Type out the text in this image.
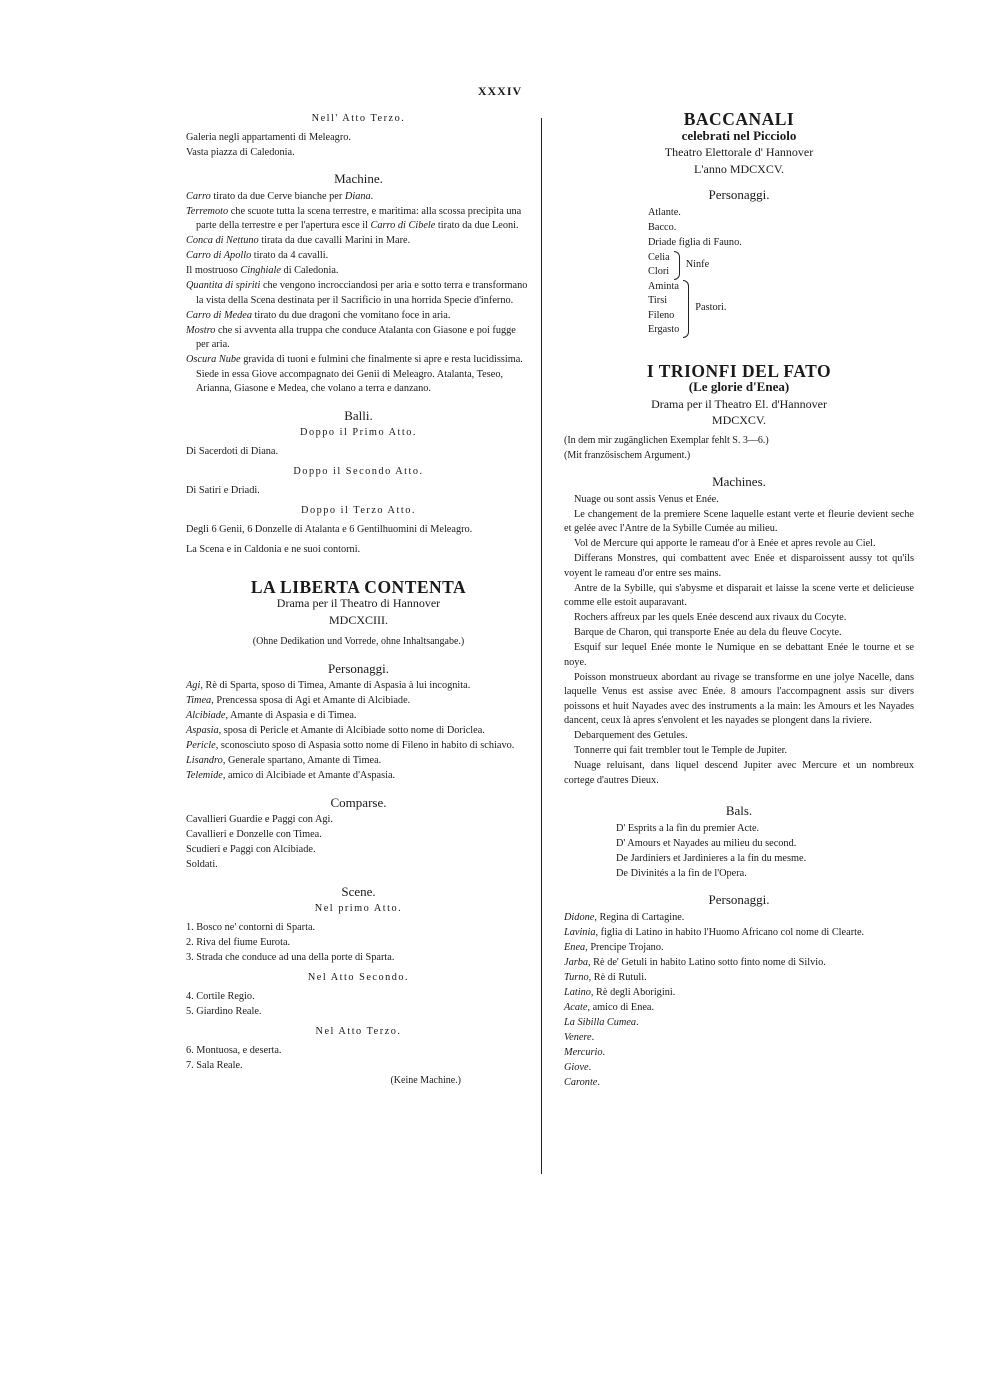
XXXIV

Nell' Atto Terzo.

Galeria negli appartamenti di Meleagro.

Vasta piazza di Caledonia.

Machine.

Carro tirato da due Cerve bianche per Diana.

Terremoto che scuote tutta la scena terrestre, e maritima: alla scossa precipita una parte della terrestre e per l'apertura esce il Carro di Cibele tirato da due Leoni.

Conca di Nettuno tirata da due cavalli Marini in Mare.

Carro di Apollo tirato da 4 cavalli.

Il mostruoso Cinghiale di Caledonia.

Quantita di spiriti che vengono incrocciandosi per aria e sotto terra e transformano la vista della Scena destinata per il Sacrificio in una horrida Specie d'inferno.

Carro di Medea tirato du due dragoni che vomitano foce in aria.

Mostro che si avventa alla truppa che conduce Atalanta con Giasone e poi fugge per aria.

Oscura Nube gravida di tuoni e fulmini che finalmente si apre e resta lucidissima. Siede in essa Giove accompagnato dei Genii di Meleagro. Atalanta, Teseo, Arianna, Giasone e Medea, che volano a terra e danzano.

Balli.

Doppo il Primo Atto.

Di Sacerdoti di Diana.

Doppo il Secondo Atto.

Di Satiri e Driadi.

Doppo il Terzo Atto.

Degli 6 Genii, 6 Donzelle di Atalanta e 6 Gentilhuomini di Meleagro.

La Scena e in Caldonia e ne suoi contorni.

LA LIBERTA CONTENTA

Drama per il Theatro di Hannover

MDCXCIII.

(Ohne Dedikation und Vorrede, ohne Inhaltsangabe.)

Personaggi.

Agi, Rè di Sparta, sposo di Timea, Amante di Aspasia à lui incognita.

Timea, Prencessa sposa di Agi et Amante di Alcibiade.

Alcibiade, Amante di Aspasia e di Timea.

Aspasia, sposa di Pericle et Amante di Alcibiade sotto nome di Doriclea.

Pericle, sconosciuto sposo di Aspasia sotto nome di Fileno in habito di schiavo.

Lisandro, Generale spartano, Amante di Timea.

Telemide, amico di Alcibiade et Amante d'Aspasia.

Comparse.

Cavallieri Guardie e Paggi con Agi.

Cavallieri e Donzelle con Timea.

Scudieri e Paggi con Alcibiade.

Soldati.

Scene.

Nel primo Atto.

1. Bosco ne' contorni di Sparta.

2. Riva del fiume Eurota.

3. Strada che conduce ad una della porte di Sparta.

Nel Atto Secondo.

4. Cortile Regio.

5. Giardino Reale.

Nel Atto Terzo.

6. Montuosa, e deserta.

7. Sala Reale.

(Keine Machine.)

BACCANALI

celebrati nel Picciolo

Theatro Elettorale d' Hannover

L'anno MDCXCV.

Personaggi.

Atlante.

Bacco.

Driade figlia di Fauno.

Celia

Clori

Ninfe

Aminta

Tirsi

Fileno

Ergasto

Pastori.

I TRIONFI DEL FATO

(Le glorie d'Enea)

Drama per il Theatro El. d'Hannover

MDCXCV.

(In dem mir zugänglichen Exemplar fehlt S. 3—6.)

(Mit französischem Argument.)

Machines.

Nuage ou sont assis Venus et Enée.

Le changement de la premiere Scene laquelle estant verte et fleurie devient seche et gelée avec l'Antre de la Sybille Cumée au milieu.

Vol de Mercure qui apporte le rameau d'or à Enée et apres revole au Ciel.

Differans Monstres, qui combattent avec Enée et disparoissent aussy tot qu'ils voyent le rameau d'or entre ses mains.

Antre de la Sybille, qui s'abysme et disparait et laisse la scene verte et delicieuse comme elle estoit auparavant.

Rochers affreux par les quels Enée descend aux rivaux du Cocyte.

Barque de Charon, qui transporte Enée au dela du fleuve Cocyte.

Esquif sur lequel Enée monte le Numique en se debattant Enée le tourne et se noye.

Poisson monstrueux abordant au rivage se transforme en une jolye Nacelle, dans laquelle Venus est assise avec Enée. 8 amours l'accompagnent assis sur divers poissons et huit Nayades avec des instruments a la main: les Amours et les Nayades dancent, ceux là apres s'envolent et les nayades se plongent dans la riviere.

Debarquement des Getules.

Tonnerre qui fait trembler tout le Temple de Jupiter.

Nuage reluisant, dans liquel descend Jupiter avec Mercure et un nombreux cortege d'autres Dieux.

Bals.

D' Esprits a la fin du premier Acte.

D' Amours et Nayades au milieu du second.

De Jardiniers et Jardinieres a la fin du mesme.

De Divinités a la fin de l'Opera.

Personaggi.

Didone, Regina di Cartagine.

Lavinia, figlia di Latino in habito l'Huomo Africano col nome di Clearte.

Enea, Prencipe Trojano.

Jarba, Rè de' Getuli in habito Latino sotto finto nome di Silvio.

Turno, Rè di Rutuli.

Latino, Rè degli Aborigini.

Acate, amico di Enea.

La Sibilla Cumea.

Venere.

Mercurio.

Giove.

Caronte.
